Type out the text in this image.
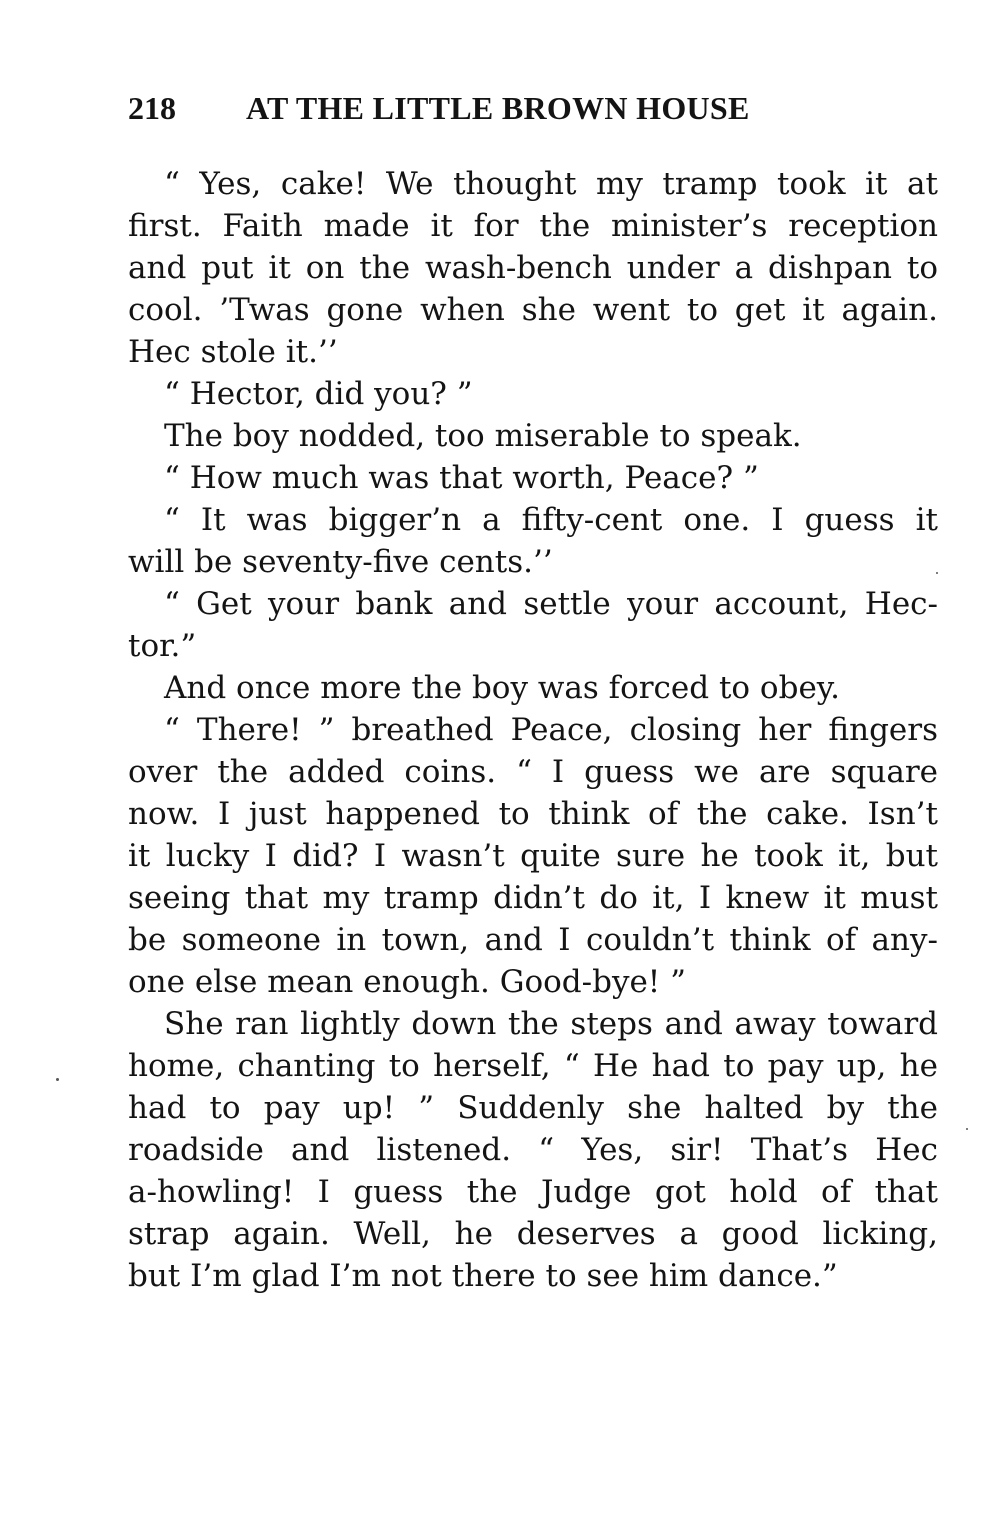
218 AT THE LITTLE BROWN HOUSE
“ Yes, cake! We thought my tramp took it at
first. Faith made it for the minister’s reception
and put it on the wash-bench under a dishpan to
cool. ’Twas gone when she went to get it again.
Hec stole it.’’
“ Hector, did you? ”
The boy nodded, too miserable to speak.
“ How much was that worth, Peace? ”
“ It was bigger’n a fifty-cent one. I guess it
will be seventy-five cents.’’
“ Get your bank and settle your account, Hec-
tor.”
And once more the boy was forced to obey.
“ There! ” breathed Peace, closing her fingers
over the added coins. “ I guess we are square
now. I just happened to think of the cake. Isn’t
it lucky I did? I wasn’t quite sure he took it, but
seeing that my tramp didn’t do it, I knew it must
be someone in town, and I couldn’t think of any-
one else mean enough. Good-bye! ”
She ran lightly down the steps and away toward
home, chanting to herself, “ He had to pay up, he
had to pay up! ” Suddenly she halted by the
roadside and listened. “ Yes, sir! That’s Hec
a-howling! I guess the Judge got hold of that
strap again. Well, he deserves a good licking,
but I’m glad I’m not there to see him dance.”
